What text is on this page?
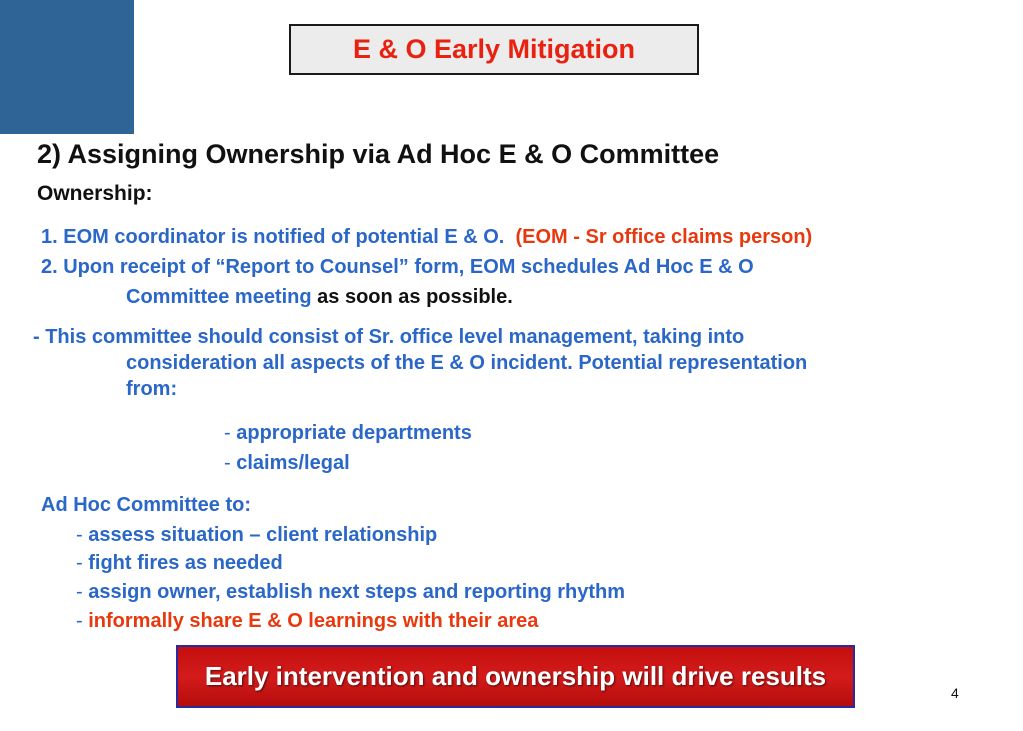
E & O Early Mitigation
2) Assigning Ownership via Ad Hoc E & O Committee
Ownership:
1. EOM coordinator is notified of potential E & O. (EOM - Sr office claims person)
2. Upon receipt of “Report to Counsel” form, EOM schedules Ad Hoc E & O
Committee meeting as soon as possible.
- This committee should consist of Sr. office level management, taking into
consideration all aspects of the E & O incident. Potential representation
from:
- appropriate departments
- claims/legal
Ad Hoc Committee to:
- assess situation – client relationship
- fight fires as needed
- assign owner, establish next steps and reporting rhythm
- informally share E & O learnings with their area
Early intervention and ownership will drive results
4
